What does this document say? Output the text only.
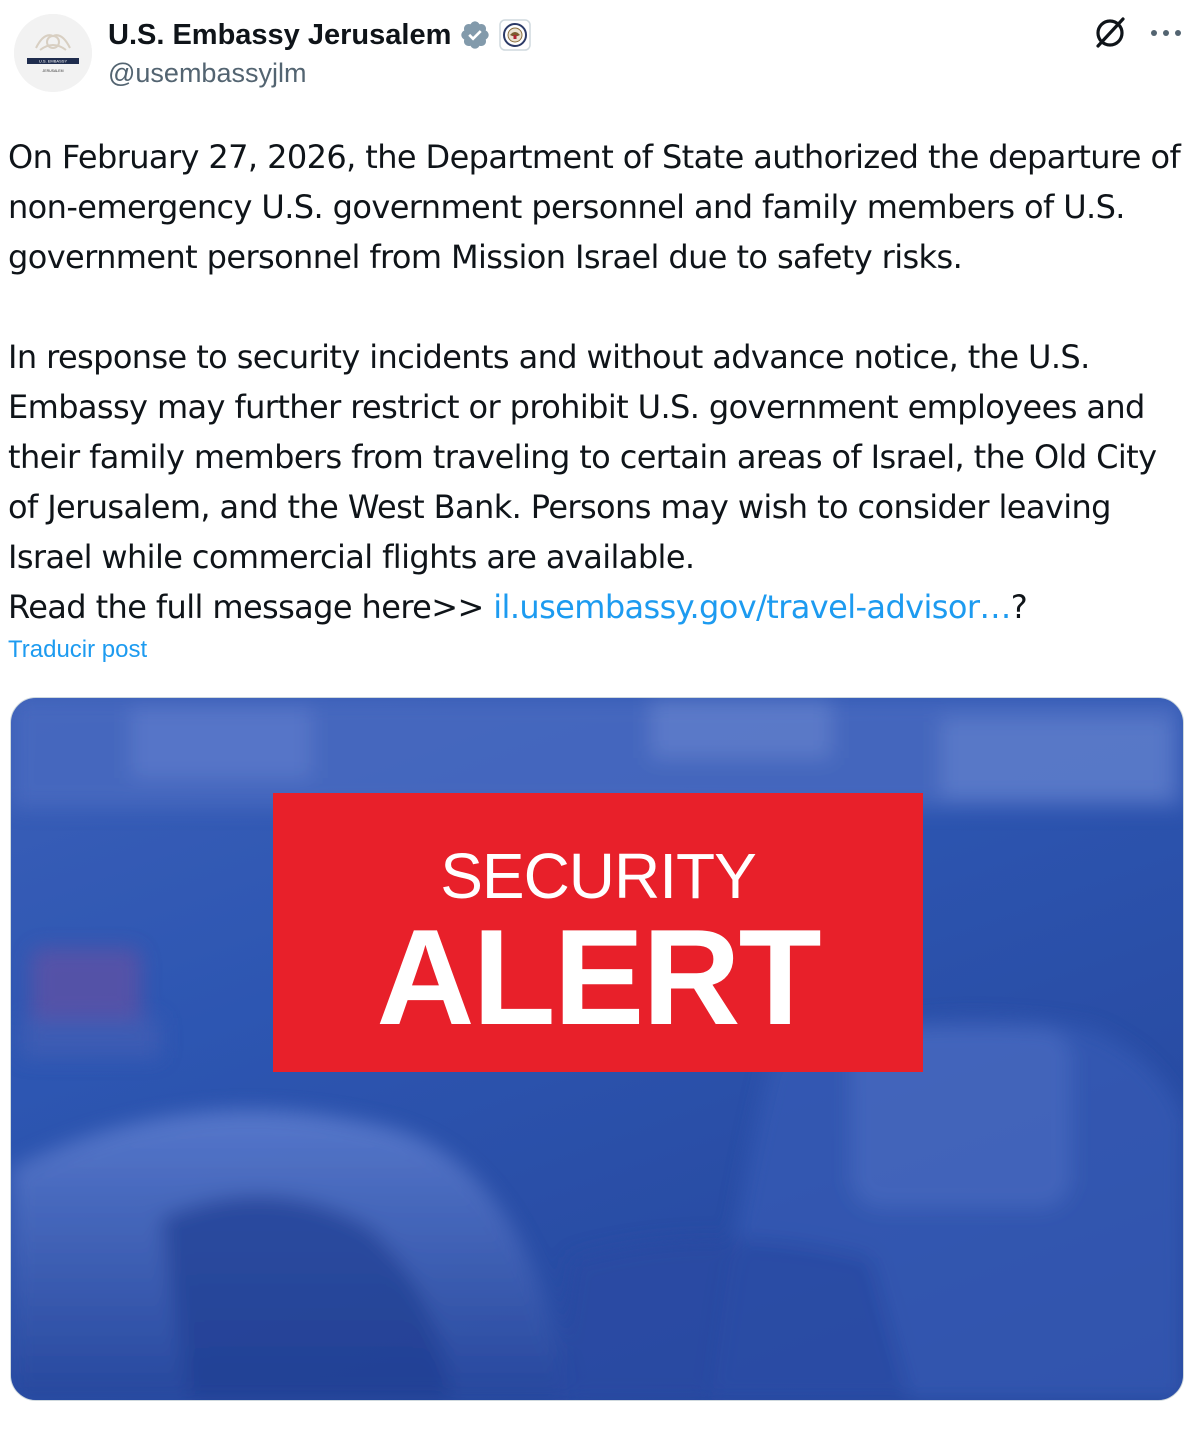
U.S. EMBASSY
JERUSALEM
U.S. Embassy Jerusalem
@usembassyjlm
On February 27, 2026, the Department of State authorized the departure of non-emergency U.S. government personnel and family members of U.S. government personnel from Mission Israel due to safety risks.
In response to security incidents and without advance notice, the U.S. Embassy may further restrict or prohibit U.S. government employees and their family members from traveling to certain areas of Israel, the Old City of Jerusalem, and the West Bank. Persons may wish to consider leaving Israel while commercial flights are available.
Read the full message here>> il.usembassy.gov/travel-advisor…?
Traducir post
SECURITY
ALERT
